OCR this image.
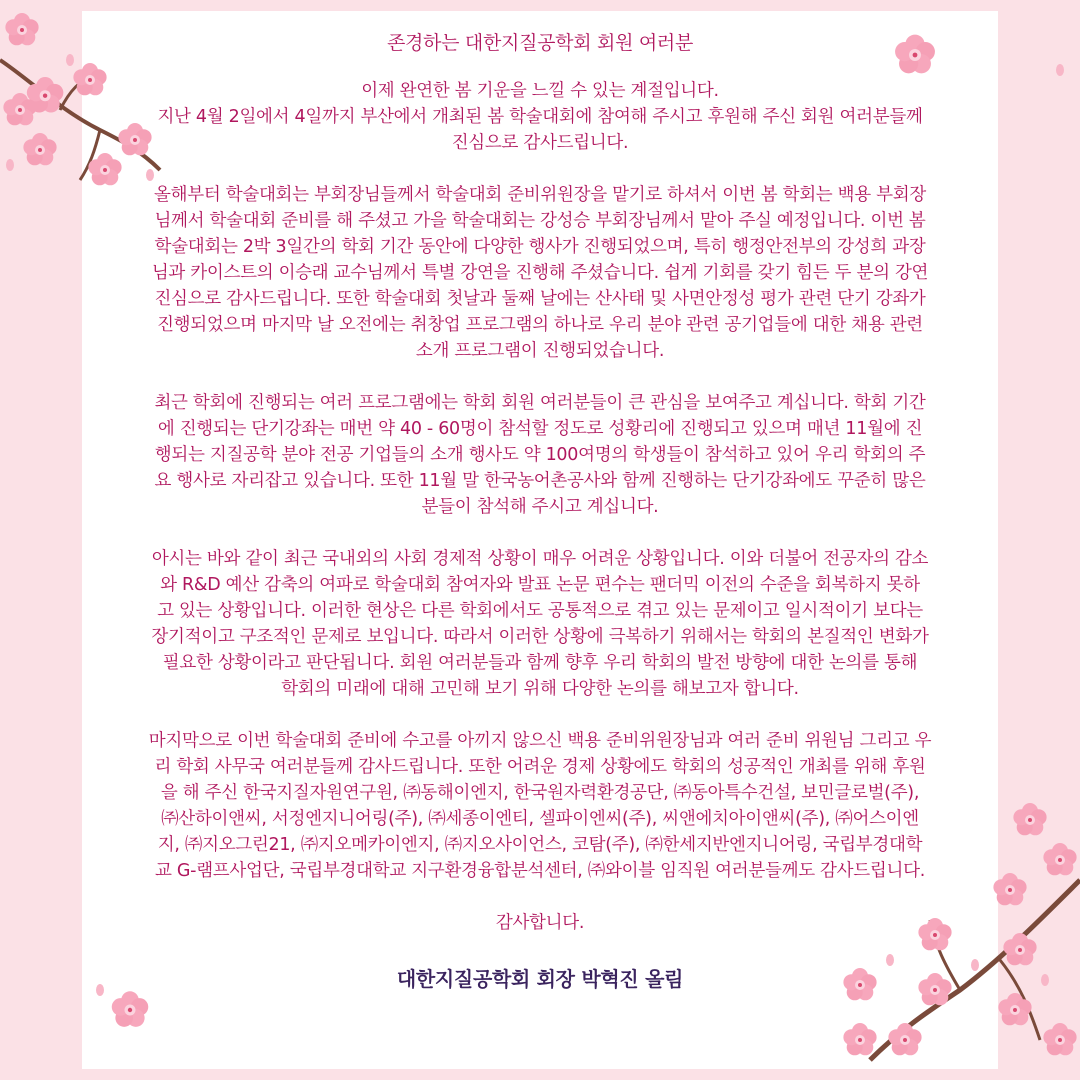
존경하는 대한지질공학회 회원 여러분

이제 완연한 봄 기운을 느낄 수 있는 계절입니다.

지난 4월 2일에서 4일까지 부산에서 개최된 봄 학술대회에 참여해 주시고 후원해 주신 회원 여러분들께

진심으로 감사드립니다.

올해부터 학술대회는 부회장님들께서 학술대회 준비위원장을 맡기로 하셔서 이번 봄 학회는 백용 부회장

님께서 학술대회 준비를 해 주셨고 가을 학술대회는 강성승 부회장님께서 맡아 주실 예정입니다. 이번 봄

학술대회는 2박 3일간의 학회 기간 동안에 다양한 행사가 진행되었으며, 특히 행정안전부의 강성희 과장

님과 카이스트의 이승래 교수님께서 특별 강연을 진행해 주셨습니다. 쉽게 기회를 갖기 힘든 두 분의 강연

진심으로 감사드립니다. 또한 학술대회 첫날과 둘째 날에는 산사태 및 사면안정성 평가 관련 단기 강좌가

진행되었으며 마지막 날 오전에는 취창업 프로그램의 하나로 우리 분야 관련 공기업들에 대한 채용 관련

소개 프로그램이 진행되었습니다.

최근 학회에 진행되는 여러 프로그램에는 학회 회원 여러분들이 큰 관심을 보여주고 계십니다. 학회 기간

에 진행되는 단기강좌는 매번 약 40 - 60명이 참석할 정도로 성황리에 진행되고 있으며 매년 11월에 진

행되는 지질공학 분야 전공 기업들의 소개 행사도 약 100여명의 학생들이 참석하고 있어 우리 학회의 주

요 행사로 자리잡고 있습니다. 또한 11월 말 한국농어촌공사와 함께 진행하는 단기강좌에도 꾸준히 많은

분들이 참석해 주시고 계십니다.

아시는 바와 같이 최근 국내외의 사회 경제적 상황이 매우 어려운 상황입니다. 이와 더불어 전공자의 감소

와 R&D 예산 감축의 여파로 학술대회 참여자와 발표 논문 편수는 팬더믹 이전의 수준을 회복하지 못하

고 있는 상황입니다. 이러한 현상은 다른 학회에서도 공통적으로 겪고 있는 문제이고 일시적이기 보다는

장기적이고 구조적인 문제로 보입니다. 따라서 이러한 상황에 극복하기 위해서는 학회의 본질적인 변화가

필요한 상황이라고 판단됩니다. 회원 여러분들과 함께 향후 우리 학회의 발전 방향에 대한 논의를 통해

학회의 미래에 대해 고민해 보기 위해 다양한 논의를 해보고자 합니다.

마지막으로 이번 학술대회 준비에 수고를 아끼지 않으신 백용 준비위원장님과 여러 준비 위원님 그리고 우

리 학회 사무국 여러분들께 감사드립니다. 또한 어려운 경제 상황에도 학회의 성공적인 개최를 위해 후원

을 해 주신 한국지질자원연구원, ㈜동해이엔지, 한국원자력환경공단, ㈜동아특수건설, 보민글로벌(주),

㈜산하이앤씨, 서정엔지니어링(주), ㈜세종이엔티, 셀파이엔씨(주), 씨앤에치아이앤씨(주), ㈜어스이엔

지, ㈜지오그린21, ㈜지오메카이엔지, ㈜지오사이언스, 코탐(주), ㈜한세지반엔지니어링, 국립부경대학

교 G-램프사업단, 국립부경대학교 지구환경융합분석센터, ㈜와이블 임직원 여러분들께도 감사드립니다.

감사합니다.
대한지질공학회 회장 박혁진 올림
